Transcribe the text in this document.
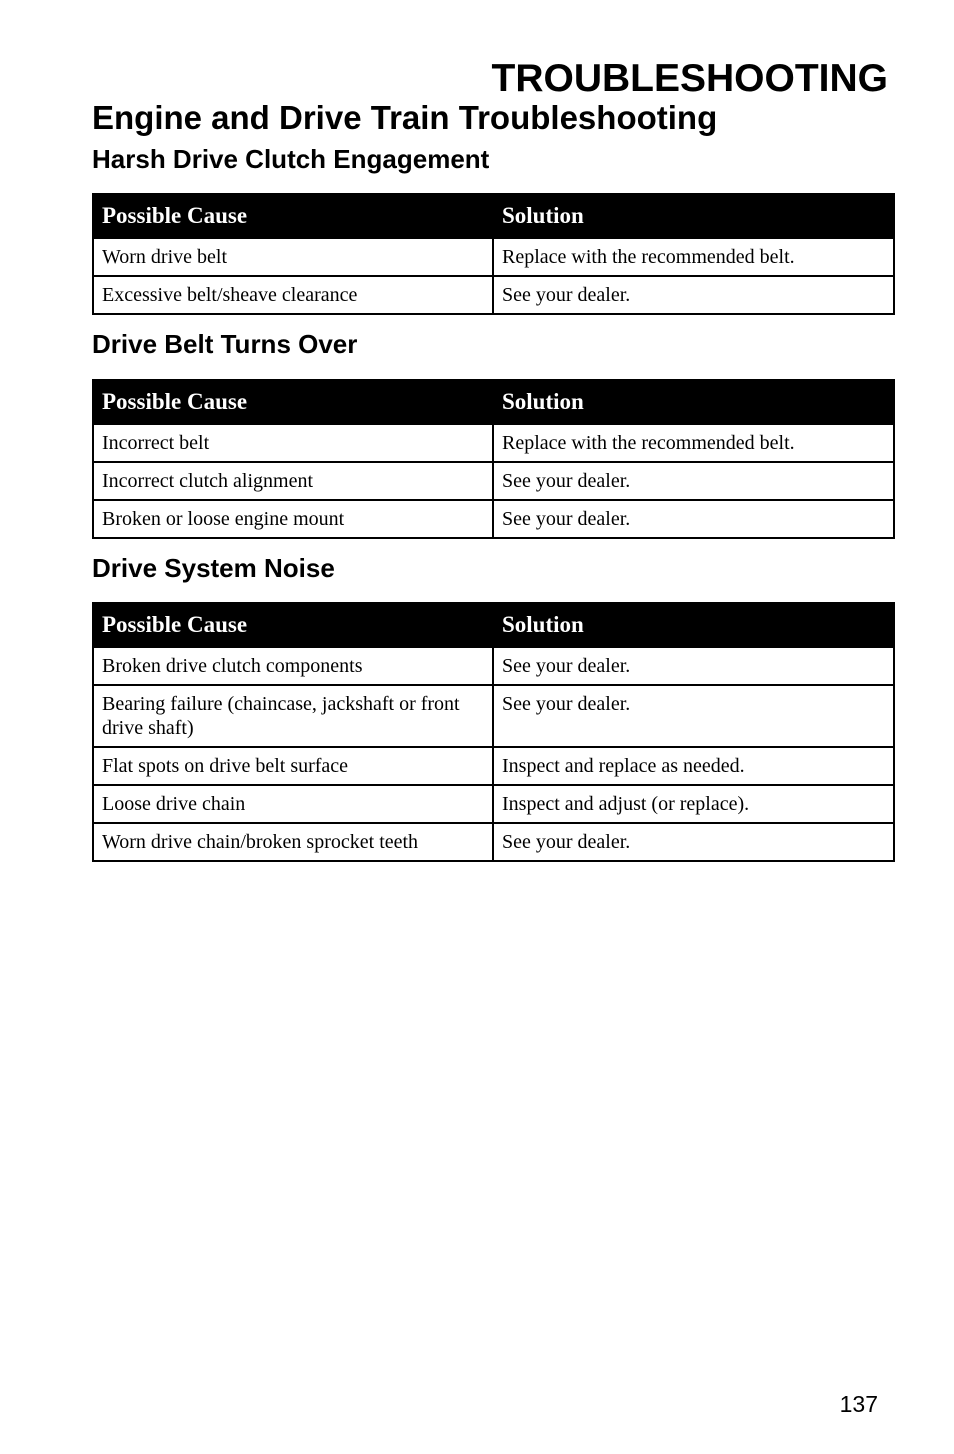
TROUBLESHOOTING
Engine and Drive Train Troubleshooting
Harsh Drive Clutch Engagement
Possible Cause	Solution
Worn drive belt	Replace with the recommended belt.
Excessive belt/sheave clearance	See your dealer.
Drive Belt Turns Over
Possible Cause	Solution
Incorrect belt	Replace with the recommended belt.
Incorrect clutch alignment	See your dealer.
Broken or loose engine mount	See your dealer.
Drive System Noise
Possible Cause	Solution
Broken drive clutch components	See your dealer.
Bearing failure (chaincase, jackshaft or front drive shaft)	See your dealer.
Flat spots on drive belt surface	Inspect and replace as needed.
Loose drive chain	Inspect and adjust (or replace).
Worn drive chain/broken sprocket teeth	See your dealer.
137
